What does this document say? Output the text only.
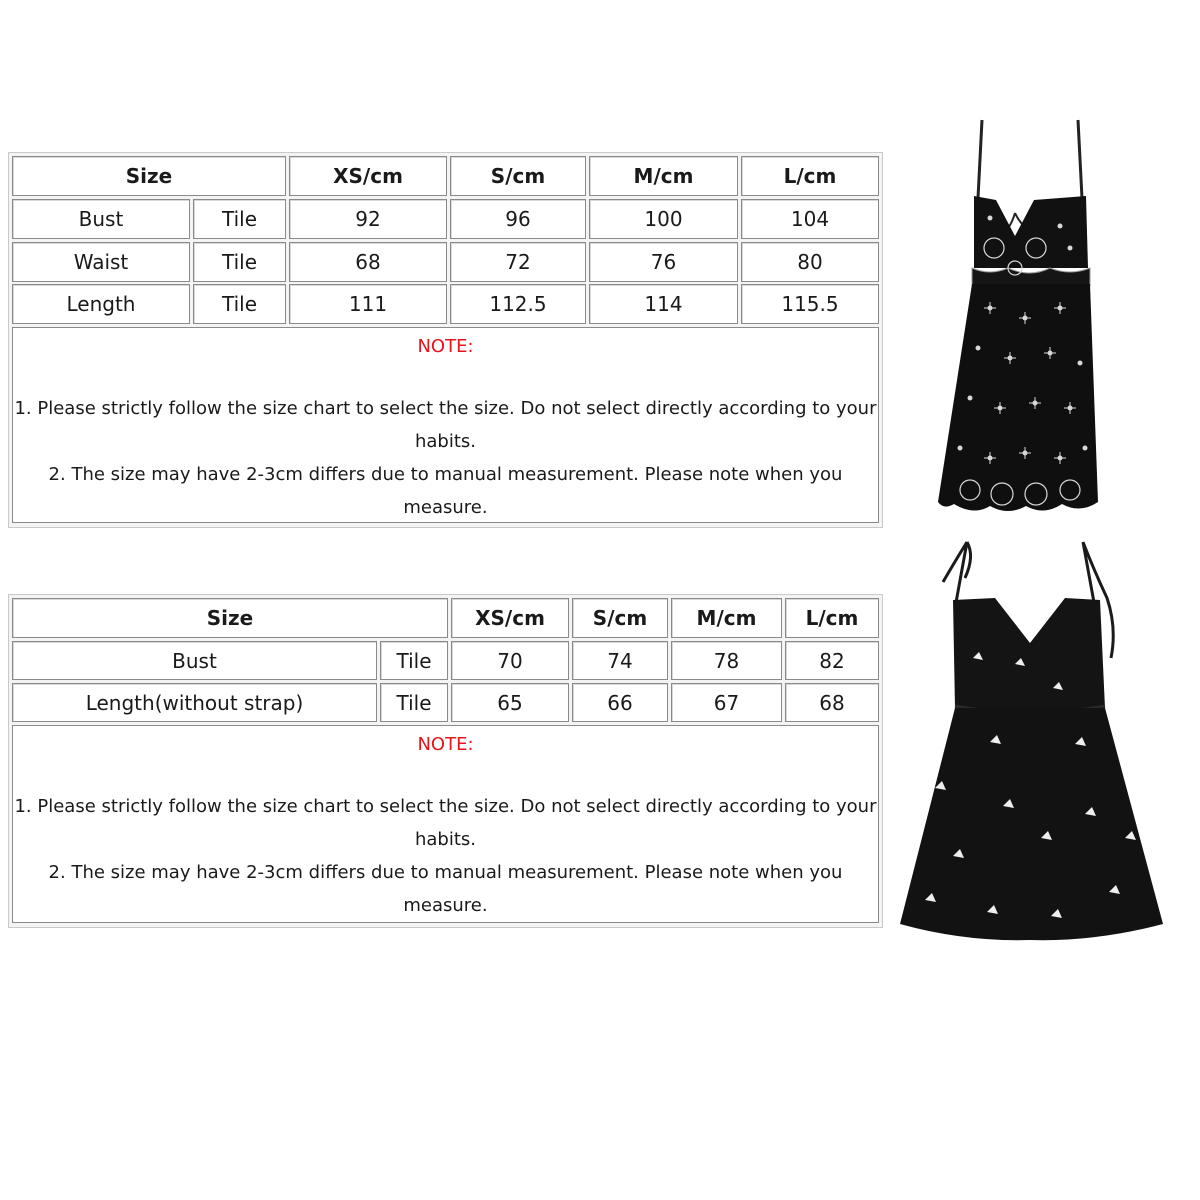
Size	XS/cm	S/cm	M/cm	L/cm
Bust	Tile	92	96	100	104
Waist	Tile	68	72	76	80
Length	Tile	111	112.5	114	115.5
NOTE:
1. Please strictly follow the size chart to select the size. Do not select directly according to your
habits.
2. The size may have 2-3cm differs due to manual measurement. Please note when you
measure.
Size	XS/cm	S/cm	M/cm	L/cm
Bust	Tile	70	74	78	82
Length(without strap)	Tile	65	66	67	68
NOTE:
1. Please strictly follow the size chart to select the size. Do not select directly according to your
habits.
2. The size may have 2-3cm differs due to manual measurement. Please note when you
measure.
